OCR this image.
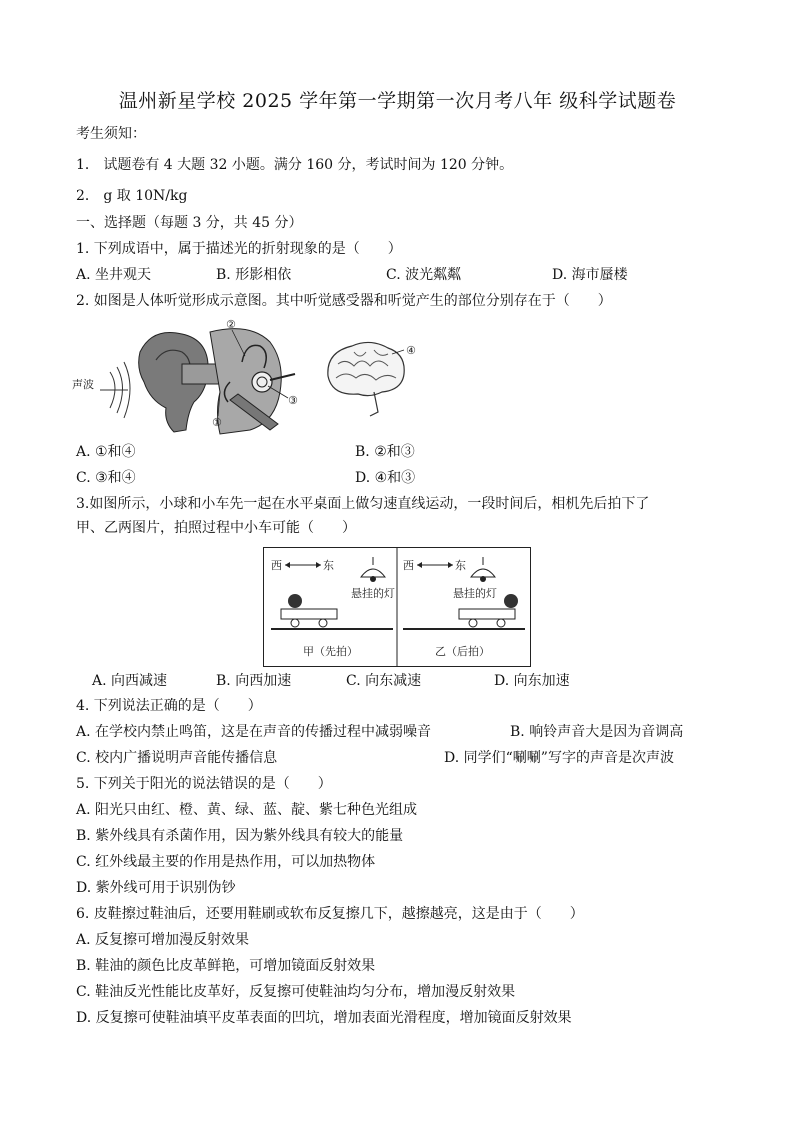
温州新星学校 2025 学年第一学期第一次月考八年 级科学试题卷
考生须知：
1． 试题卷有 4 大题 32 小题。满分 160 分，考试时间为 120 分钟。
2． g 取 10N/kg
一、选择题（每题 3 分，共 45 分）
1. 下列成语中，属于描述光的折射现象的是（　　）
A. 坐井观天	B. 形影相依	C. 波光粼粼	D. 海市蜃楼
2. 如图是人体听觉形成示意图。其中听觉感受器和听觉产生的部位分别存在于（　　）
声波
②
③
①
④
A. ①和④	B. ②和③
C. ③和④	D. ④和③
3.如图所示，小球和小车先一起在水平桌面上做匀速直线运动，一段时间后，相机先后拍下了
甲、乙两图片，拍照过程中小车可能（　　）
西	东
悬挂的灯
甲（先拍）
西	东
悬挂的灯
乙（后拍）
A. 向西减速	B. 向西加速	C. 向东减速	D. 向东加速
4. 下列说法正确的是（　　）
A. 在学校内禁止鸣笛，这是在声音的传播过程中减弱噪音	B. 响铃声音大是因为音调高
C. 校内广播说明声音能传播信息	D. 同学们“唰唰”写字的声音是次声波
5. 下列关于阳光的说法错误的是（　　）
A. 阳光只由红、橙、黄、绿、蓝、靛、紫七种色光组成
B. 紫外线具有杀菌作用，因为紫外线具有较大的能量
C. 红外线最主要的作用是热作用，可以加热物体
D. 紫外线可用于识别伪钞
6. 皮鞋擦过鞋油后，还要用鞋刷或软布反复擦几下，越擦越亮，这是由于（　　）
A. 反复擦可增加漫反射效果
B. 鞋油的颜色比皮革鲜艳，可增加镜面反射效果
C. 鞋油反光性能比皮革好，反复擦可使鞋油均匀分布，增加漫反射效果
D. 反复擦可使鞋油填平皮革表面的凹坑，增加表面光滑程度，增加镜面反射效果
